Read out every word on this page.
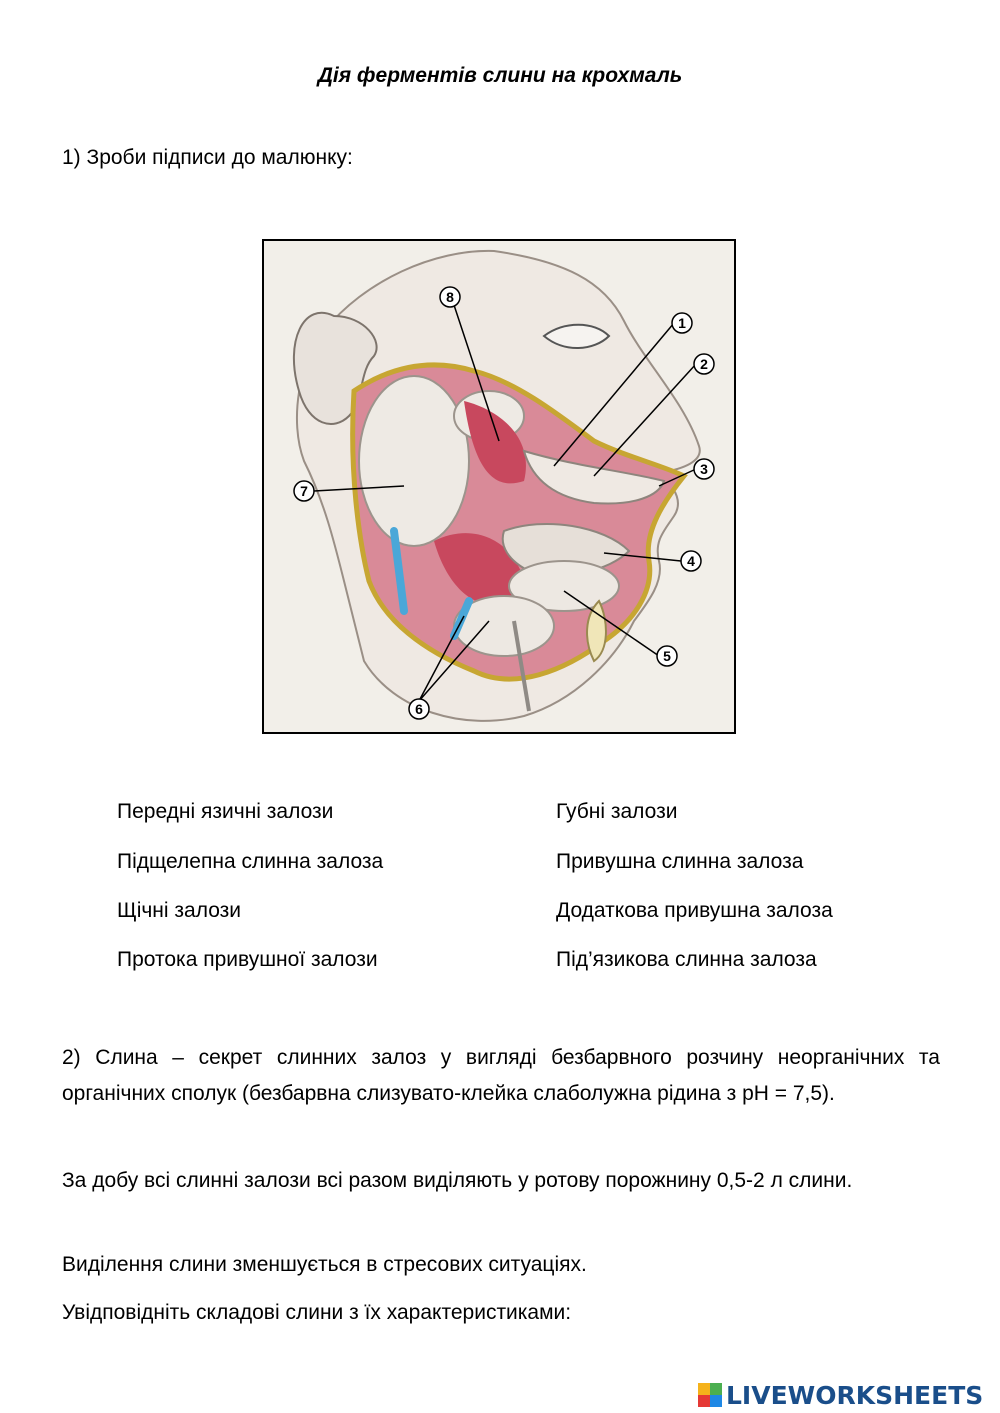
Дія ферментів слини на крохмаль
1) Зроби підписи до малюнку:
1
2
3
4
5
6
7
8
Передні язичні залози
Підщелепна слинна залоза
Щічні залози
Протока привушної залози
Губні залози
Привушна слинна залоза
Додаткова привушна залоза
Під’язикова слинна залоза
2) Слина – секрет слинних залоз у вигляді безбарвного розчину неорганічних та органічних сполук (безбарвна слизувато-клейка слаболужна рідина з рН = 7,5).
За добу всі слинні залози всі разом виділяють у ротову порожнину 0,5-2 л слини.
Виділення слини зменшується в стресових ситуаціях.
Увідповідніть складові слини з їх характеристиками:
LIVEWORKSHEETS
